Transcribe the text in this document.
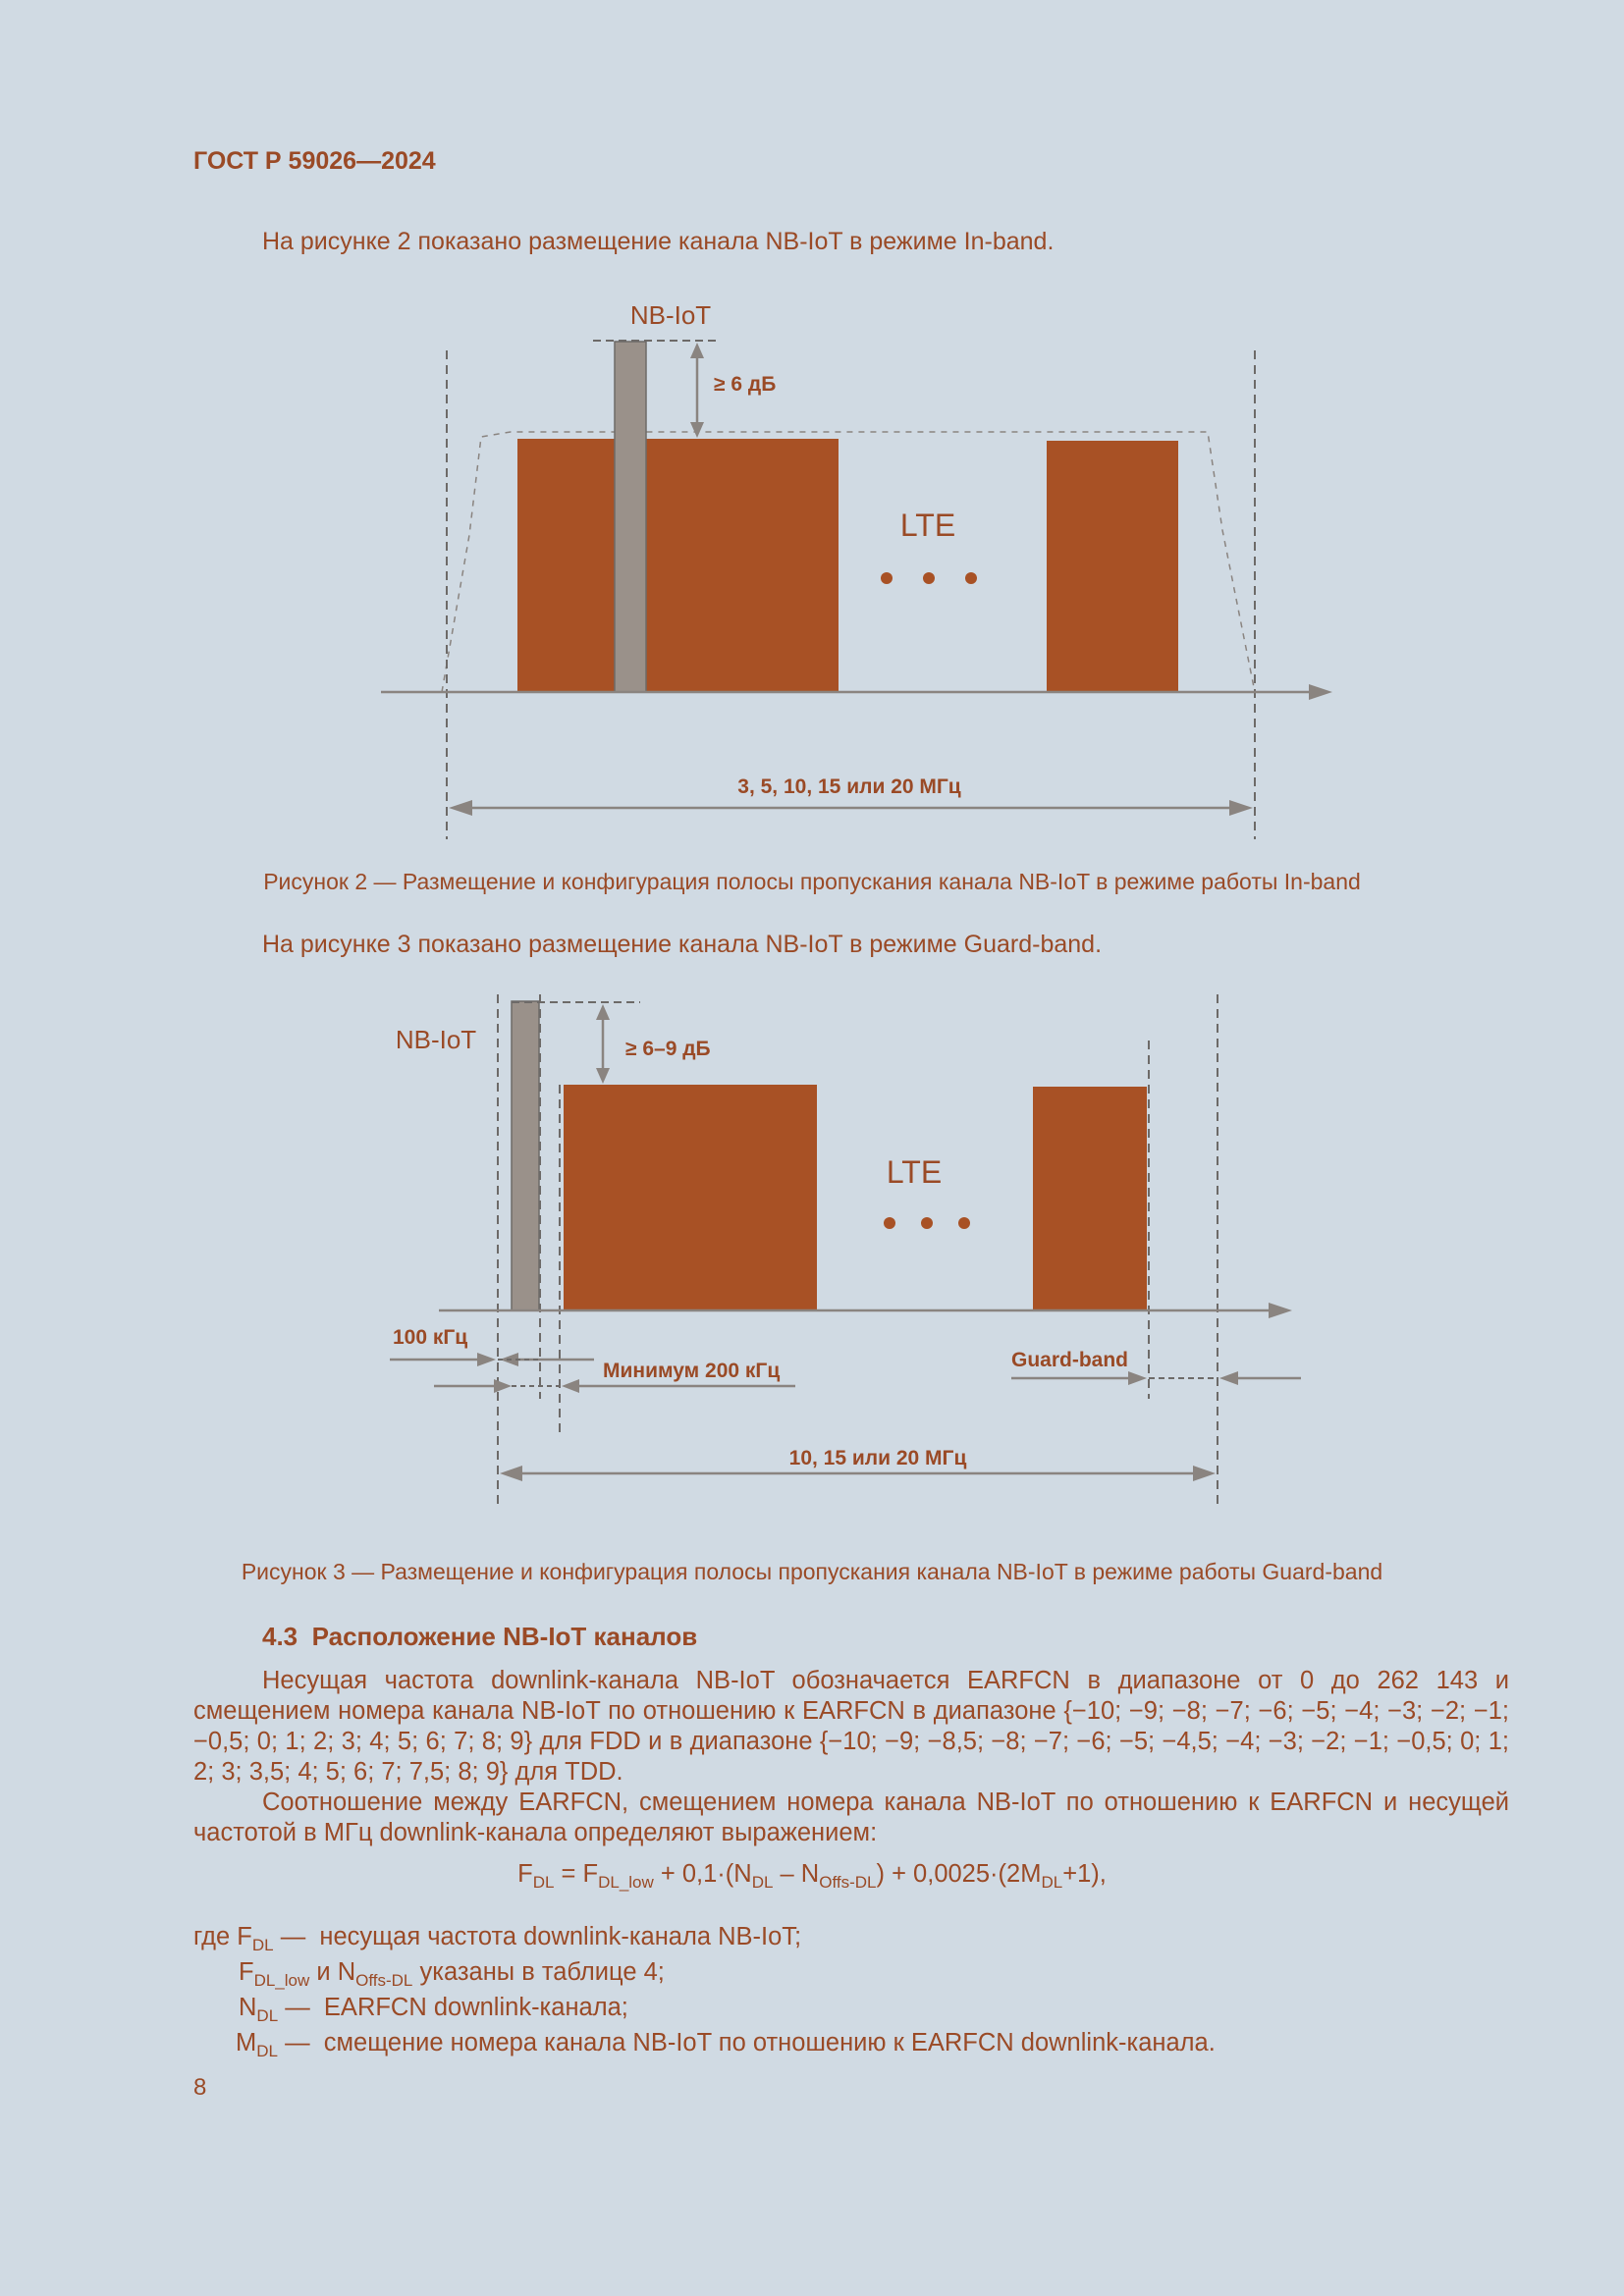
ГОСТ Р 59026—2024
На рисунке 2 показано размещение канала NB-IoT в режиме In-band.
NB-IoT
≥ 6 дБ
LTE
3, 5, 10, 15 или 20 МГц
Рисунок 2 — Размещение и конфигурация полосы пропускания канала NB-IoT в режиме работы In-band
На рисунке 3 показано размещение канала NB-IoT в режиме Guard-band.
NB-IoT	≥ 6–9 дБ
LTE
100 кГц
Минимум 200 кГц	Guard-band
10, 15 или 20 МГц
Рисунок 3 — Размещение и конфигурация полосы пропускания канала NB-IoT в режиме работы Guard-band
4.3 Расположение NB-IoT каналов

Несущая частота downlink-канала NB-IoT обозначается EARFCN в диапазоне от 0 до 262 143 и смещением номера канала NB-IoT по отношению к EARFCN в диапазоне {−10; −9; −8; −7; −6; −5; −4; −3; −2; −1; −0,5; 0; 1; 2; 3; 4; 5; 6; 7; 8; 9} для FDD и в диапазоне {−10; −9; −8,5; −8; −7; −6; −5; −4,5; −4; −3; −2; −1; −0,5; 0; 1; 2; 3; 3,5; 4; 5; 6; 7; 7,5; 8; 9} для TDD.

Соотношение между EARFCN, смещением номера канала NB-IoT по отношению к EARFCN и несущей частотой в МГц downlink-канала определяют выражением:

$F_{DL} = F_{DL\_low} + 0,1\cdot(N_{DL} - N_{Offs-DL}) + 0,0025\cdot(2M_{DL}+1)$,
где $F_{DL}$ — несущая частота downlink-канала NB-IoT;
$F_{DL\_low}$ и $N_{Offs-DL}$ указаны в таблице 4;
$N_{DL}$ — EARFCN downlink-канала;
$M_{DL}$ — смещение номера канала NB-IoT по отношению к EARFCN downlink-канала.
8
